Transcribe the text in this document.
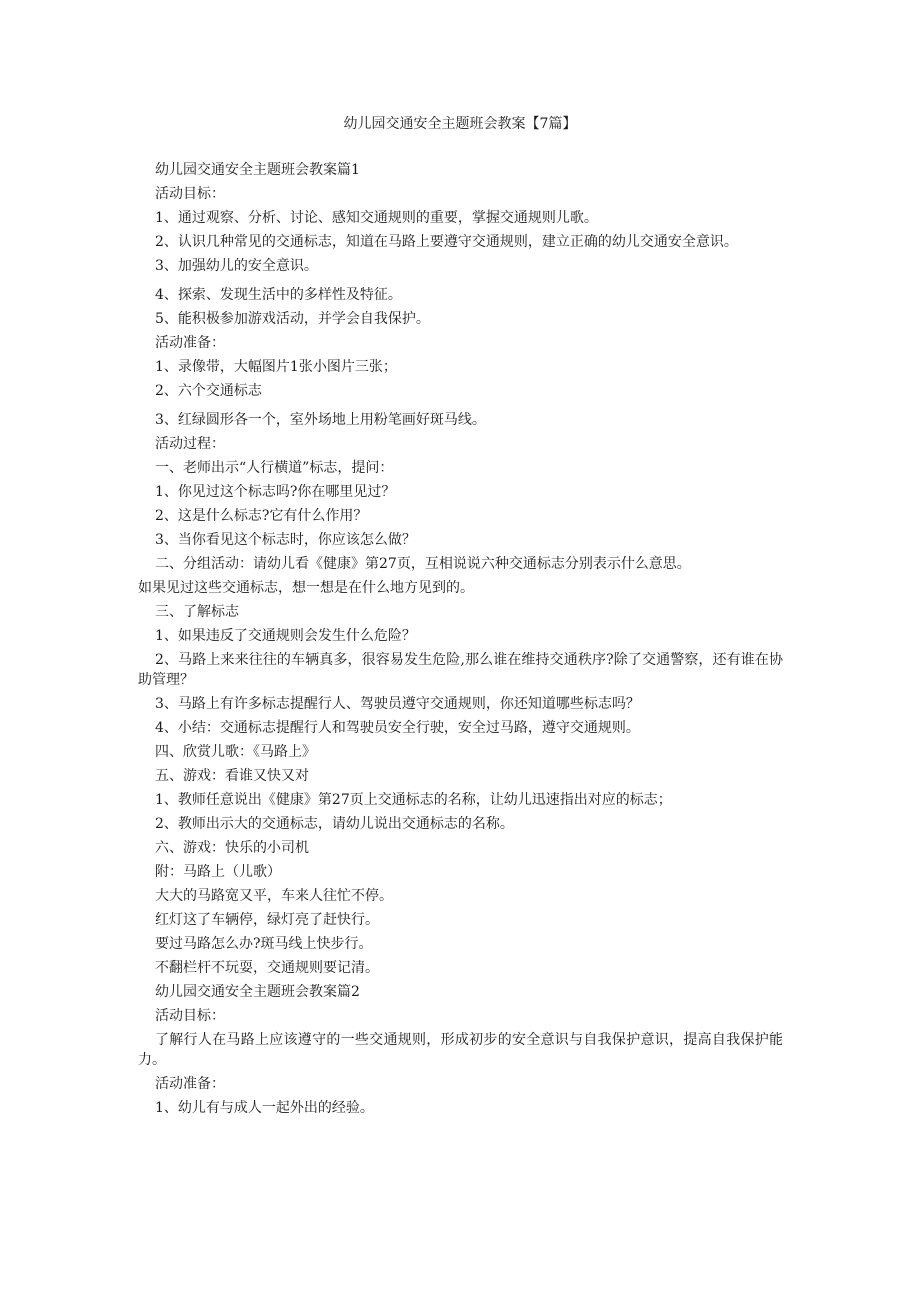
幼儿园交通安全主题班会教案【7篇】

幼儿园交通安全主题班会教案篇1

活动目标：

1、通过观察、分析、讨论、感知交通规则的重要，掌握交通规则儿歌。

2、认识几种常见的交通标志，知道在马路上要遵守交通规则，建立正确的幼儿交通安全意识。

3、加强幼儿的安全意识。

4、探索、发现生活中的多样性及特征。

5、能积极参加游戏活动，并学会自我保护。

活动准备：

1、录像带，大幅图片1张小图片三张；

2、六个交通标志

3、红绿圆形各一个，室外场地上用粉笔画好斑马线。

活动过程：

一、老师出示“人行横道”标志，提问：

1、你见过这个标志吗?你在哪里见过？

2、这是什么标志?它有什么作用？

3、当你看见这个标志时，你应该怎么做？

二、分组活动：请幼儿看《健康》第27页，互相说说六种交通标志分别表示什么意思。

如果见过这些交通标志，想一想是在什么地方见到的。

三、了解标志

1、如果违反了交通规则会发生什么危险？

2、马路上来来往往的车辆真多，很容易发生危险,那么谁在维持交通秩序?除了交通警察，还有谁在协助管理？

3、马路上有许多标志提醒行人、驾驶员遵守交通规则，你还知道哪些标志吗？

4、小结：交通标志提醒行人和驾驶员安全行驶，安全过马路，遵守交通规则。

四、欣赏儿歌：《马路上》

五、游戏：看谁又快又对

1、教师任意说出《健康》第27页上交通标志的名称，让幼儿迅速指出对应的标志；

2、教师出示大的交通标志，请幼儿说出交通标志的名称。

六、游戏：快乐的小司机

附：马路上（儿歌）

大大的马路宽又平，车来人往忙不停。

红灯这了车辆停，绿灯亮了赶快行。

要过马路怎么办?斑马线上快步行。

不翻栏杆不玩耍，交通规则要记清。

幼儿园交通安全主题班会教案篇2

活动目标：

了解行人在马路上应该遵守的一些交通规则，形成初步的安全意识与自我保护意识，提高自我保护能力。

活动准备：

1、幼儿有与成人一起外出的经验。
